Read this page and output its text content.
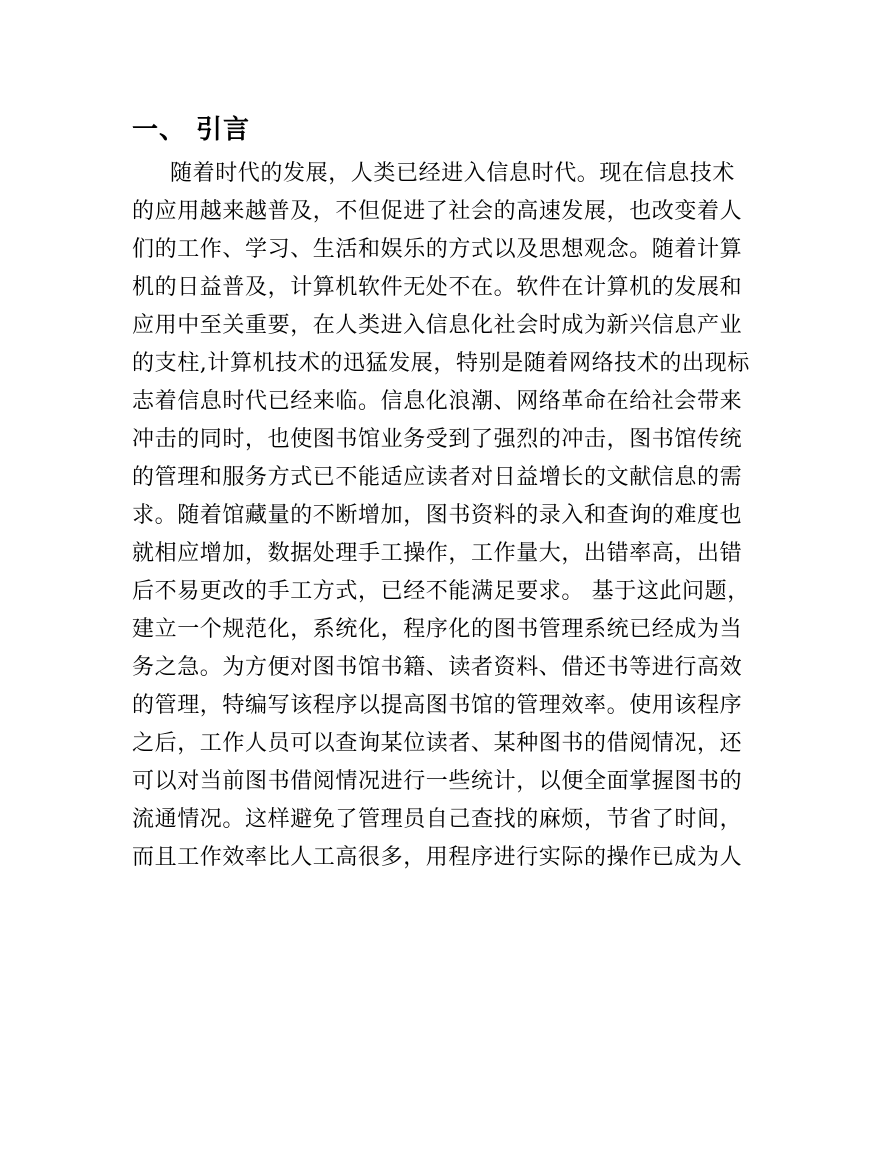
一、 引言
随着时代的发展，人类已经进入信息时代。现在信息技术
的应用越来越普及，不但促进了社会的高速发展，也改变着人
们的工作、学习、生活和娱乐的方式以及思想观念。随着计算
机的日益普及，计算机软件无处不在。软件在计算机的发展和
应用中至关重要，在人类进入信息化社会时成为新兴信息产业
的支柱,计算机技术的迅猛发展，特别是随着网络技术的出现标
志着信息时代已经来临。信息化浪潮、网络革命在给社会带来
冲击的同时，也使图书馆业务受到了强烈的冲击，图书馆传统
的管理和服务方式已不能适应读者对日益增长的文献信息的需
求。随着馆藏量的不断增加，图书资料的录入和查询的难度也
就相应增加，数据处理手工操作，工作量大，出错率高，出错
后不易更改的手工方式，已经不能满足要求。 基于这此问题，
建立一个规范化，系统化，程序化的图书管理系统已经成为当
务之急。为方便对图书馆书籍、读者资料、借还书等进行高效
的管理，特编写该程序以提高图书馆的管理效率。使用该程序
之后，工作人员可以查询某位读者、某种图书的借阅情况，还
可以对当前图书借阅情况进行一些统计，以便全面掌握图书的
流通情况。这样避免了管理员自己查找的麻烦，节省了时间，
而且工作效率比人工高很多，用程序进行实际的操作已成为人
